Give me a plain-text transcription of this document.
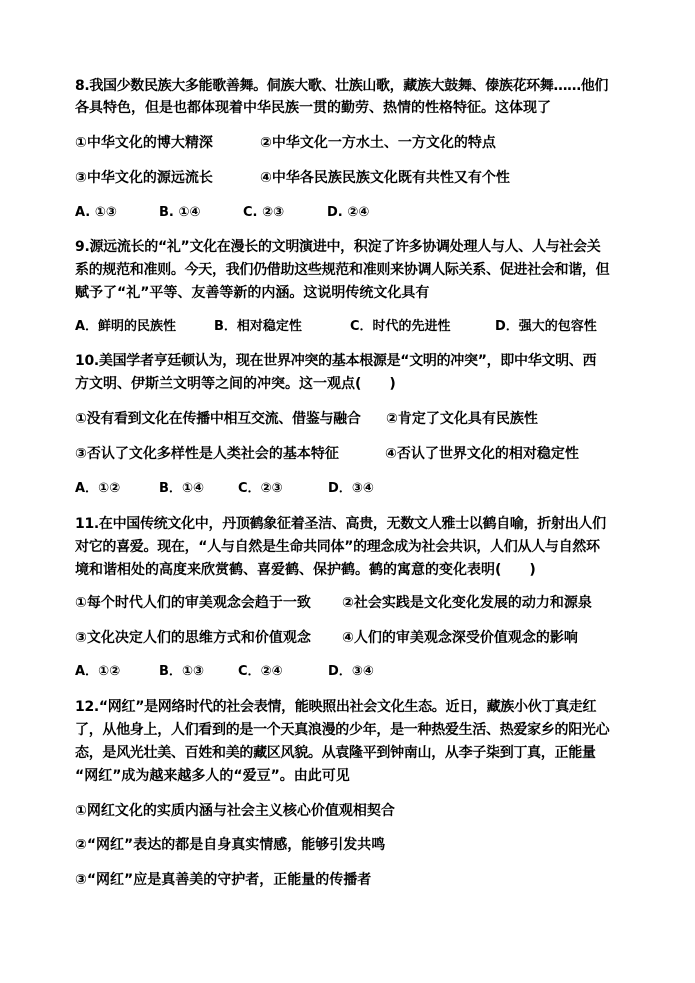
8.我国少数民族大多能歌善舞。侗族大歌、壮族山歌，藏族大鼓舞、傣族花环舞……他们
各具特色，但是也都体现着中华民族一贯的勤劳、热情的性格特征。这体现了
①中华文化的博大精深	②中华文化一方水土、一方文化的特点
③中华文化的源远流长	④中华各民族民族文化既有共性又有个性
A. ①③	B. ①④	C. ②③	D. ②④
9.源远流长的“礼”文化在漫长的文明演进中，积淀了许多协调处理人与人、人与社会关
系的规范和准则。今天，我们仍借助这些规范和准则来协调人际关系、促进社会和谐，但
赋予了“礼”平等、友善等新的内涵。这说明传统文化具有
A．鲜明的民族性	B．相对稳定性	C．时代的先进性	D．强大的包容性
10.美国学者亨廷顿认为，现在世界冲突的基本根源是“文明的冲突”，即中华文明、西
方文明、伊斯兰文明等之间的冲突。这一观点(　　)
①没有看到文化在传播中相互交流、借鉴与融合 ②肯定了文化具有民族性
③否认了文化多样性是人类社会的基本特征	④否认了世界文化的相对稳定性
A．①②	B．①④	C．②③	D．③④
11.在中国传统文化中，丹顶鹤象征着圣洁、高贵，无数文人雅士以鹤自喻，折射出人们
对它的喜爱。现在，“人与自然是生命共同体”的理念成为社会共识，人们从人与自然环
境和谐相处的高度来欣赏鹤、喜爱鹤、保护鹤。鹤的寓意的变化表明(　　)
①每个时代人们的审美观念会趋于一致 ②社会实践是文化变化发展的动力和源泉
③文化决定人们的思维方式和价值观念 ④人们的审美观念深受价值观念的影响
A．①②	B．①③	C．②④	D．③④
12.“网红”是网络时代的社会表情，能映照出社会文化生态。近日，藏族小伙丁真走红
了，从他身上，人们看到的是一个天真浪漫的少年，是一种热爱生活、热爱家乡的阳光心
态，是风光壮美、百姓和美的藏区风貌。从袁隆平到钟南山，从李子柒到丁真，正能量
“网红”成为越来越多人的“爱豆”。由此可见
①网红文化的实质内涵与社会主义核心价值观相契合
②“网红”表达的都是自身真实情感，能够引发共鸣
③“网红”应是真善美的守护者，正能量的传播者
